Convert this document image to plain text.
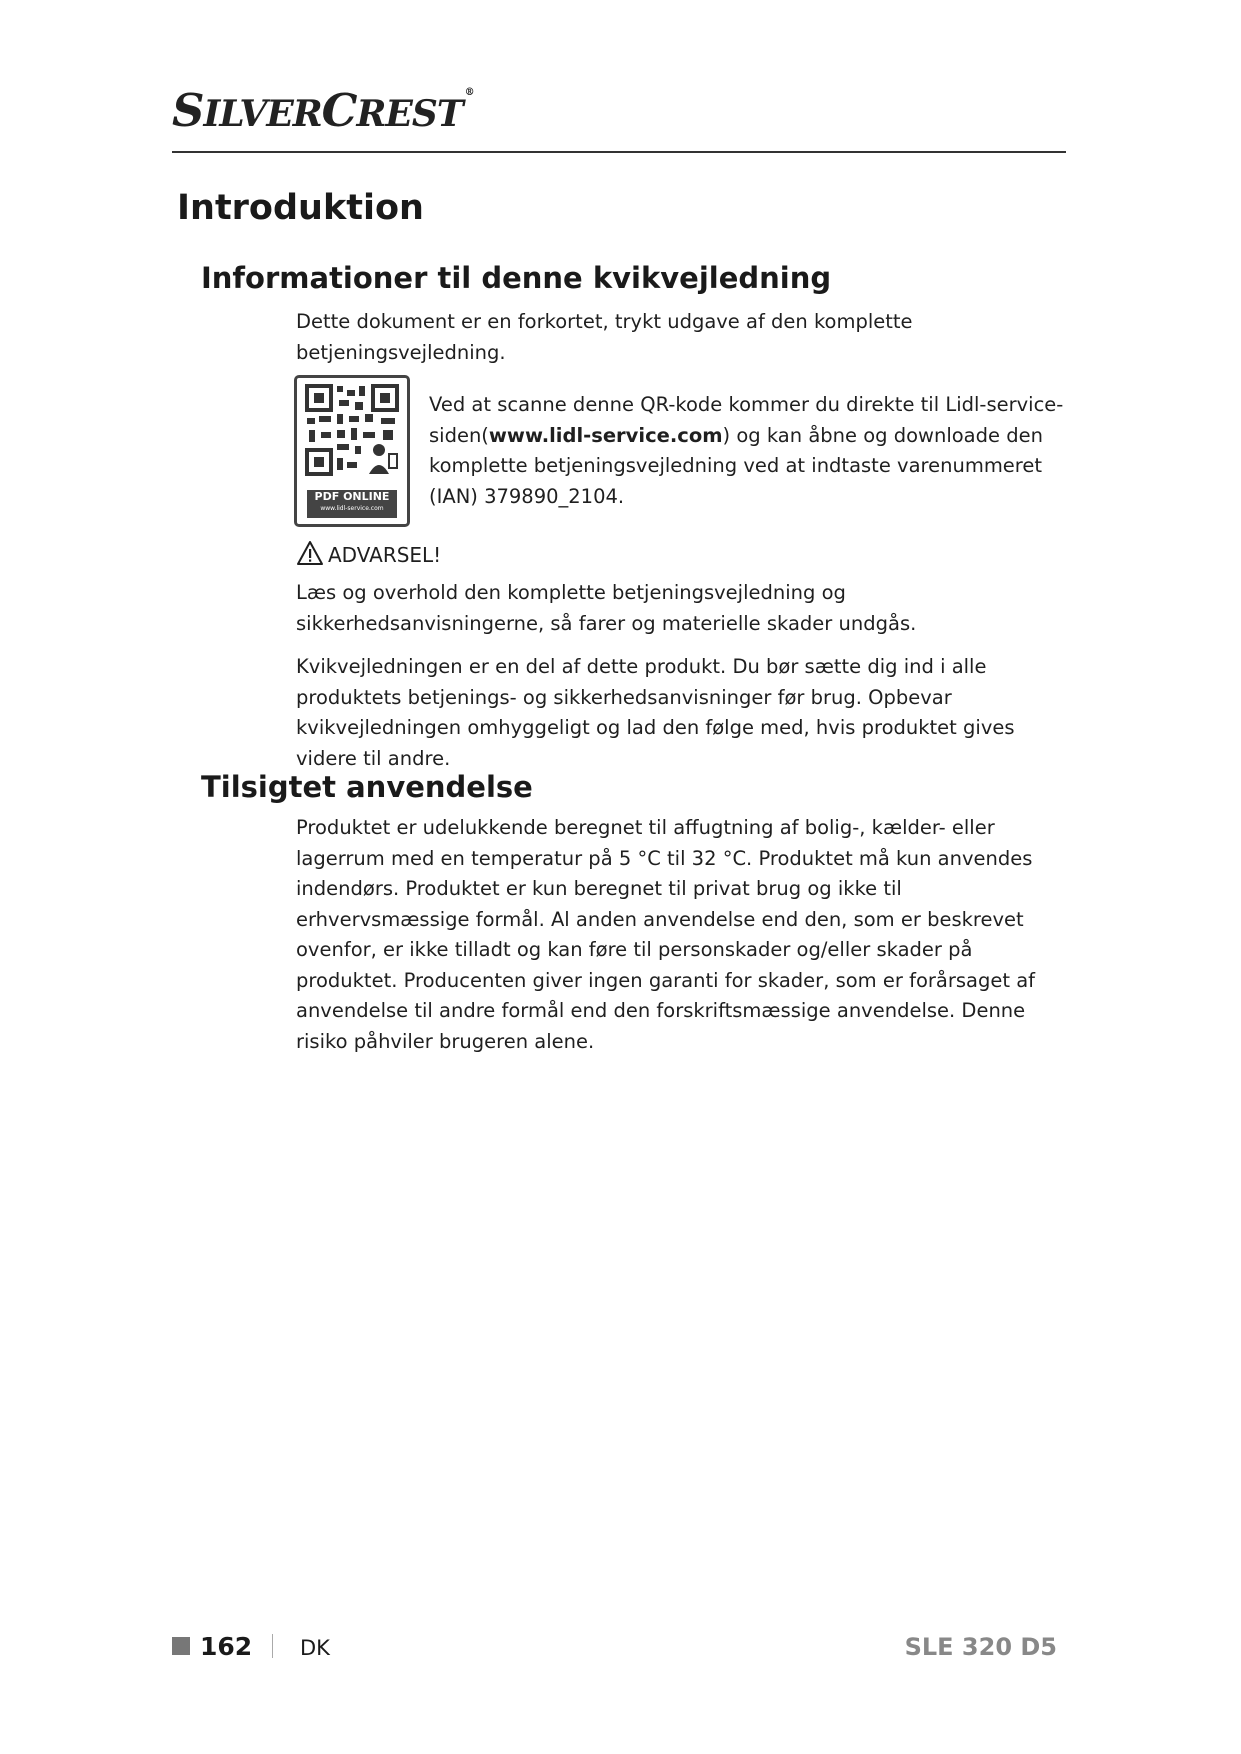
SILVERCREST®
Introduktion
Informationer til denne kvikvejledning

Dette dokument er en forkortet, trykt udgave af den komplette betjeningsvejledning.

PDF ONLINE
www.lidl-service.com

Ved at scanne denne QR-kode kommer du direkte til Lidl-service-siden(www.lidl-service.com) og kan åbne og downloade den komplette betjeningsvejledning ved at indtaste varenummeret (IAN) 379890_2104.

ADVARSEL!

Læs og overhold den komplette betjeningsvejledning og sikkerhedsanvisningerne, så farer og materielle skader undgås.

Kvikvejledningen er en del af dette produkt. Du bør sætte dig ind i alle produktets betjenings- og sikkerhedsanvisninger før brug. Opbevar kvikvejledningen omhyggeligt og lad den følge med, hvis produktet gives videre til andre.

Tilsigtet anvendelse

Produktet er udelukkende beregnet til affugtning af bolig-, kælder- eller lagerrum med en temperatur på 5 °C til 32 °C. Produktet må kun anvendes indendørs. Produktet er kun beregnet til privat brug og ikke til erhvervsmæssige formål. Al anden anvendelse end den, som er beskrevet ovenfor, er ikke tilladt og kan føre til personskader og/eller skader på produktet. Producenten giver ingen garanti for skader, som er forårsaget af anvendelse til andre formål end den forskriftsmæssige anvendelse. Denne risiko påhviler brugeren alene.

162 DK	SLE 320 D5
